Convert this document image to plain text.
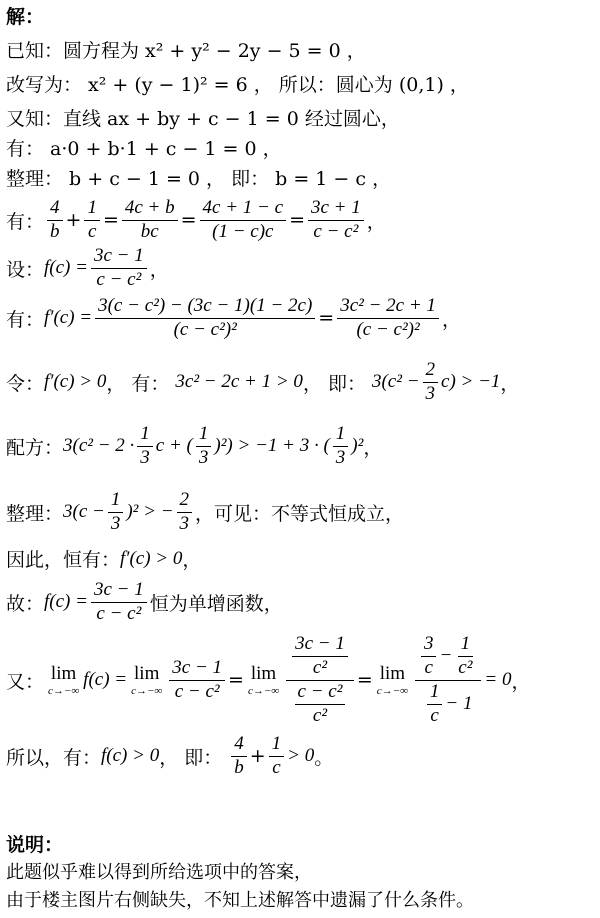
解：
已知：圆方程为 x² + y² − 2y − 5 = 0 ，
改写为： x² + (y − 1)² = 6 ， 所以：圆心为 (0,1) ，
又知：直线 ax + by + c − 1 = 0 经过圆心，
有： a·0 + b·1 + c − 1 = 0 ，
整理： b + c − 1 = 0 ， 即： b = 1 − c ，
有：
4
$b + \frac{1}{c} = \frac{4c + b}{bc} = \frac{4c + 1 - c}{(1 - c)c} = \frac{3c + 1}{\text{c − c²}}$ ，
设： $f(c) = \frac{3c - 1}{\text{c − c²}}$ ，
有： $f'(c) = \frac{\text{3(c − c²) − (3c − 1)(1 − 2c)}}{\text{(c − c²)²}} = \frac{\text{3c² − 2c + 1}}{\text{(c − c²)²}}$ ，
令： f′(c) > 0 ， 有： 3c² − 2c + 1 > 0 ， 即： $3(c^2 - \frac{2}{3} c) > -1$ ，
配方： 3(c² − 2 ·
1
3
c + (
1
3
)²) > −1 + 3 · (
1
3
)² ，
整理： $3(c - \frac{1}{3} )^2$ > − $\frac{2}{3}$ ，可见：不等式恒成立，
因此，恒有： f′(c) > 0 ，
故： $f(c) = \frac{3c - 1}{\text{c − c²}}$ 恒为单增函数，
又： lim
c→−∞
f(c) = lim
$c\to-\infty \frac{3c - 1}{\text{c − c²}} = \lim$
$c\to-\infty \frac{\frac{3c - 1}{\text{c²}}}{\frac{\text{c − c²}}{\text{c²}}} = \lim$
c→−∞ 3
c
− $\frac{1}{\text{c²}}$
1
c
− 1 = 0 ，
所以，有： f(c) > 0 ， 即：
4
$b + \frac{1}{c} > 0$ 。
说明：
此题似乎难以得到所给选项中的答案，
由于楼主图片右侧缺失，不知上述解答中遗漏了什么条件。
